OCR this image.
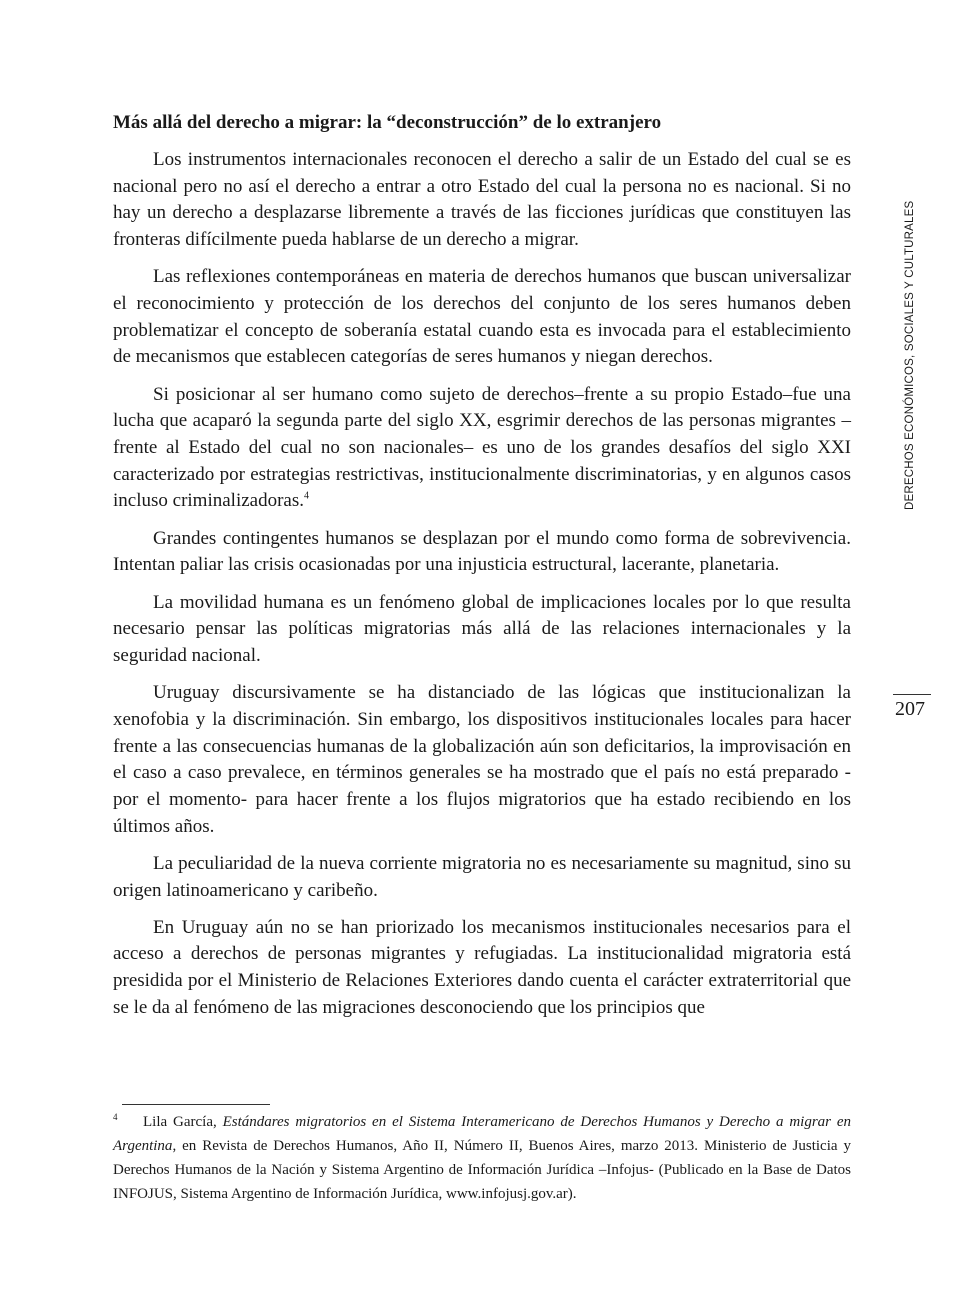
Más allá del derecho a migrar: la “deconstrucción” de lo extranjero

Los instrumentos internacionales reconocen el derecho a salir de un Estado del cual se es nacional pero no así el derecho a entrar a otro Estado del cual la persona no es nacional. Si no hay un derecho a desplazarse libremente a través de las ficciones jurídicas que constituyen las fronteras difícilmente pueda hablarse de un derecho a migrar.

Las reflexiones contemporáneas en materia de derechos humanos que buscan universalizar el reconocimiento y protección de los derechos del conjunto de los seres humanos deben problematizar el concepto de soberanía estatal cuando esta es invocada para el establecimiento de mecanismos que establecen categorías de seres humanos y niegan derechos.

Si posicionar al ser humano como sujeto de derechos–frente a su propio Estado–fue una lucha que acaparó la segunda parte del siglo XX, esgrimir derechos de las personas migrantes –frente al Estado del cual no son nacionales– es uno de los grandes desafíos del siglo XXI caracterizado por estrategias restrictivas, institucionalmente discriminatorias, y en algunos casos incluso criminalizadoras.$^4$

Grandes contingentes humanos se desplazan por el mundo como forma de sobrevivencia. Intentan paliar las crisis ocasionadas por una injusticia estructural, lacerante, planetaria.

La movilidad humana es un fenómeno global de implicaciones locales por lo que resulta necesario pensar las políticas migratorias más allá de las relaciones internacionales y la seguridad nacional.

Uruguay discursivamente se ha distanciado de las lógicas que institucionalizan la xenofobia y la discriminación. Sin embargo, los dispositivos institucionales locales para hacer frente a las consecuencias humanas de la globalización aún son deficitarios, la improvisación en el caso a caso prevalece, en términos generales se ha mostrado que el país no está preparado - por el momento- para hacer frente a los flujos migratorios que ha estado recibiendo en los últimos años.

La peculiaridad de la nueva corriente migratoria no es necesariamente su magnitud, sino su origen latinoamericano y caribeño.

En Uruguay aún no se han priorizado los mecanismos institucionales necesarios para el acceso a derechos de personas migrantes y refugiadas. La institucionalidad migratoria está presidida por el Ministerio de Relaciones Exteriores dando cuenta el carácter extraterritorial que se le da al fenómeno de las migraciones desconociendo que los principios que

DERECHOS ECONÓMICOS, SOCIALES Y CULTURALES
207

4 Lila García, Estándares migratorios en el Sistema Interamericano de Derechos Humanos y Derecho a migrar en Argentina, en Revista de Derechos Humanos, Año II, Número II, Buenos Aires, marzo 2013. Ministerio de Justicia y Derechos Humanos de la Nación y Sistema Argentino de Información Jurídica –Infojus- (Publicado en la Base de Datos INFOJUS, Sistema Argentino de Información Jurídica, www.infojusj.gov.ar).
